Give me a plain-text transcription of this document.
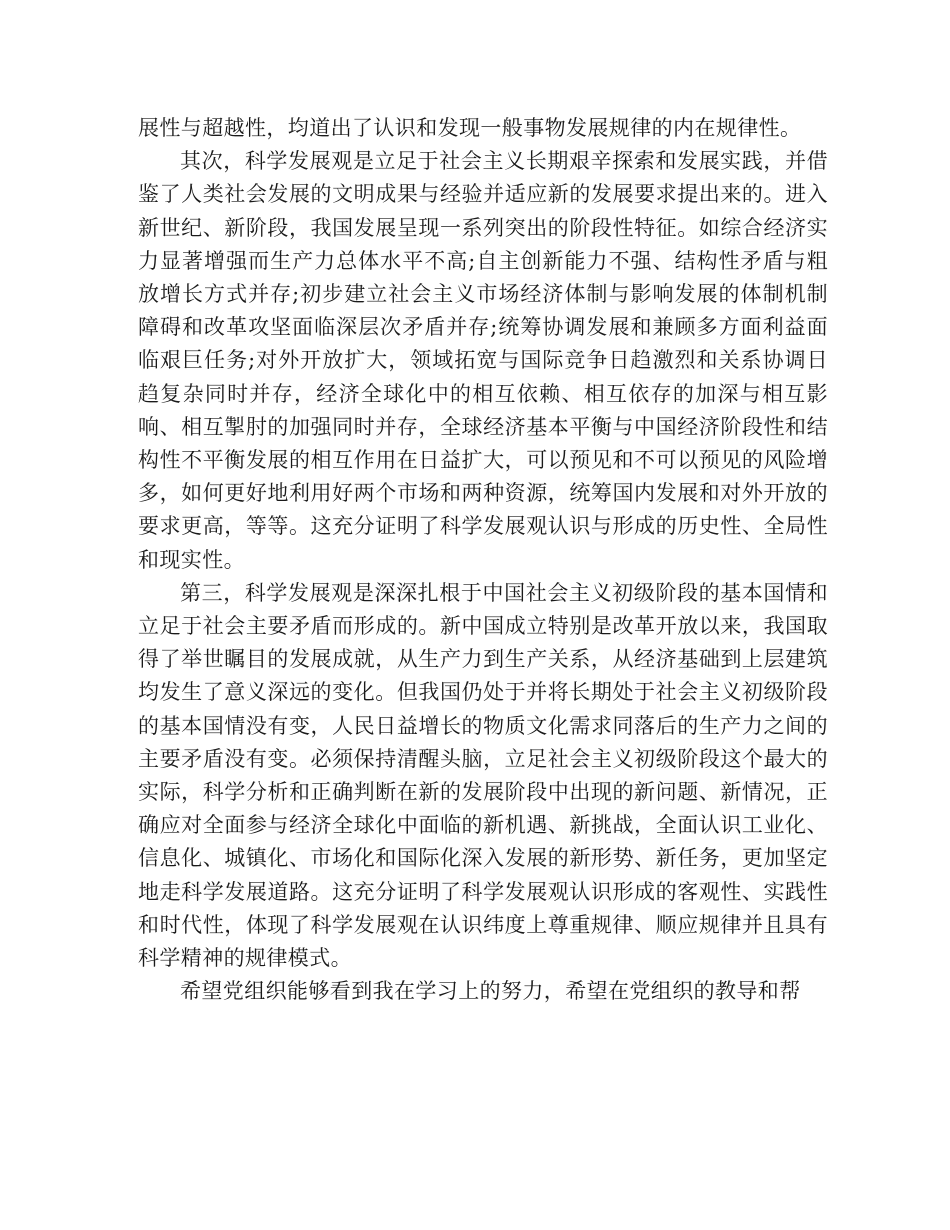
展性与超越性，均道出了认识和发现一般事物发展规律的内在规律性。

其次，科学发展观是立足于社会主义长期艰辛探索和发展实践，并借鉴了人类社会发展的文明成果与经验并适应新的发展要求提出来的。进入新世纪、新阶段，我国发展呈现一系列突出的阶段性特征。如综合经济实力显著增强而生产力总体水平不高;自主创新能力不强、结构性矛盾与粗放增长方式并存;初步建立社会主义市场经济体制与影响发展的体制机制障碍和改革攻坚面临深层次矛盾并存;统筹协调发展和兼顾多方面利益面临艰巨任务;对外开放扩大，领域拓宽与国际竞争日趋激烈和关系协调日趋复杂同时并存，经济全球化中的相互依赖、相互依存的加深与相互影响、相互掣肘的加强同时并存，全球经济基本平衡与中国经济阶段性和结构性不平衡发展的相互作用在日益扩大，可以预见和不可以预见的风险增多，如何更好地利用好两个市场和两种资源，统筹国内发展和对外开放的要求更高，等等。这充分证明了科学发展观认识与形成的历史性、全局性和现实性。

第三，科学发展观是深深扎根于中国社会主义初级阶段的基本国情和立足于社会主要矛盾而形成的。新中国成立特别是改革开放以来，我国取得了举世瞩目的发展成就，从生产力到生产关系，从经济基础到上层建筑均发生了意义深远的变化。但我国仍处于并将长期处于社会主义初级阶段的基本国情没有变，人民日益增长的物质文化需求同落后的生产力之间的主要矛盾没有变。必须保持清醒头脑，立足社会主义初级阶段这个最大的实际，科学分析和正确判断在新的发展阶段中出现的新问题、新情况，正确应对全面参与经济全球化中面临的新机遇、新挑战，全面认识工业化、信息化、城镇化、市场化和国际化深入发展的新形势、新任务，更加坚定地走科学发展道路。这充分证明了科学发展观认识形成的客观性、实践性和时代性，体现了科学发展观在认识纬度上尊重规律、顺应规律并且具有科学精神的规律模式。

希望党组织能够看到我在学习上的努力，希望在党组织的教导和帮
